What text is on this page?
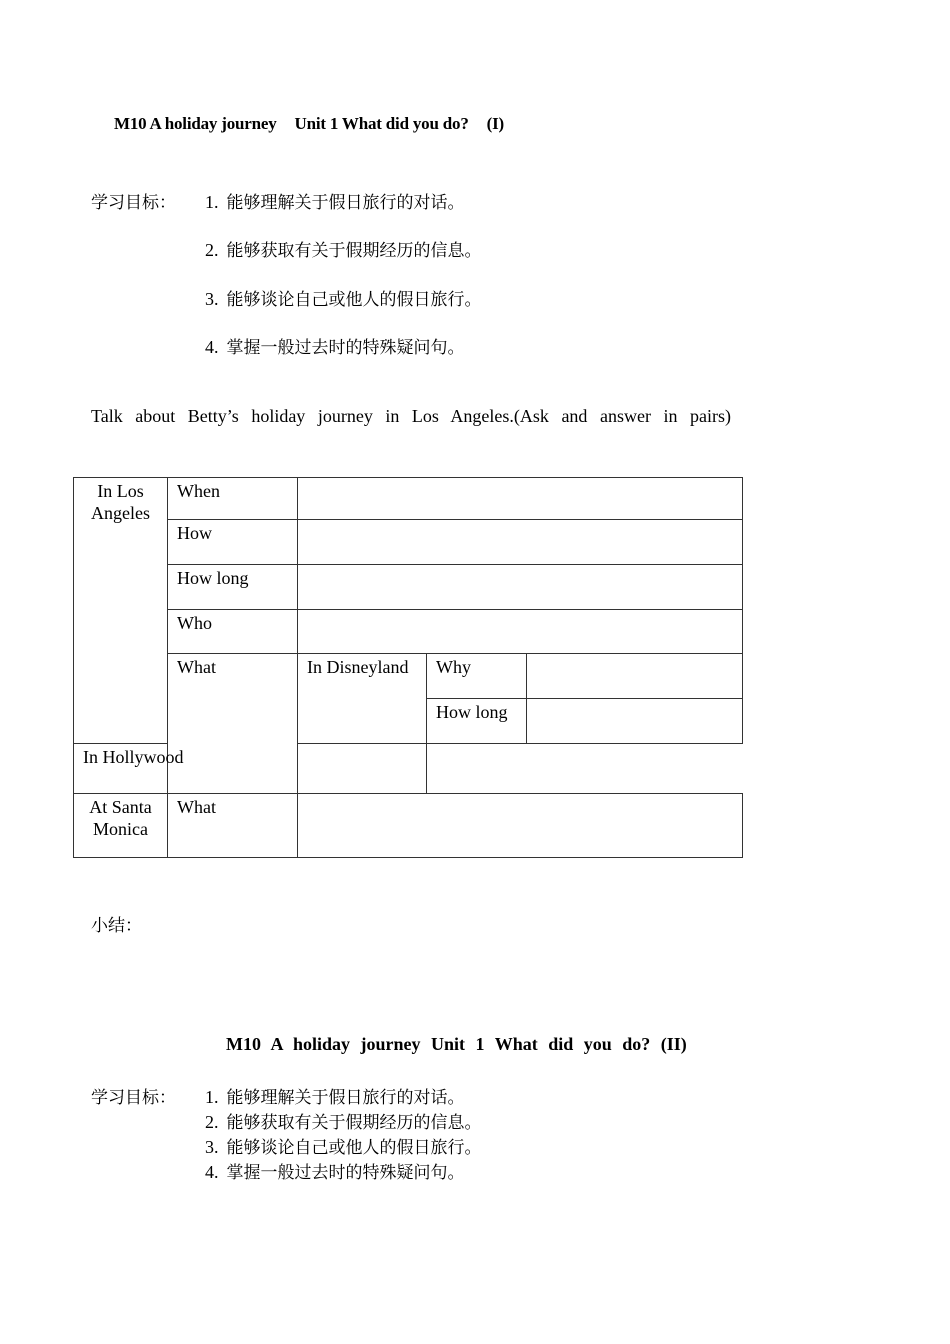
M10 A holiday journey Unit 1 What did you do? (I)
学习目标： 1. 能够理解关于假日旅行的对话。
2. 能够获取有关于假期经历的信息。
3. 能够谈论自己或他人的假日旅行。
4. 掌握一般过去时的特殊疑问句。
Talk about Betty’s holiday journey in Los Angeles.(Ask and answer in pairs)
In Los Angeles	When			
	How			
	How long			
	Who			
	What	In Disneyland	Why	
			How long	
In Hollywood				
At Santa Monica	What			
小结：
M10 A holiday journey Unit 1 What did you do? (II)
学习目标： 1. 能够理解关于假日旅行的对话。
2. 能够获取有关于假期经历的信息。
3. 能够谈论自己或他人的假日旅行。
4. 掌握一般过去时的特殊疑问句。
